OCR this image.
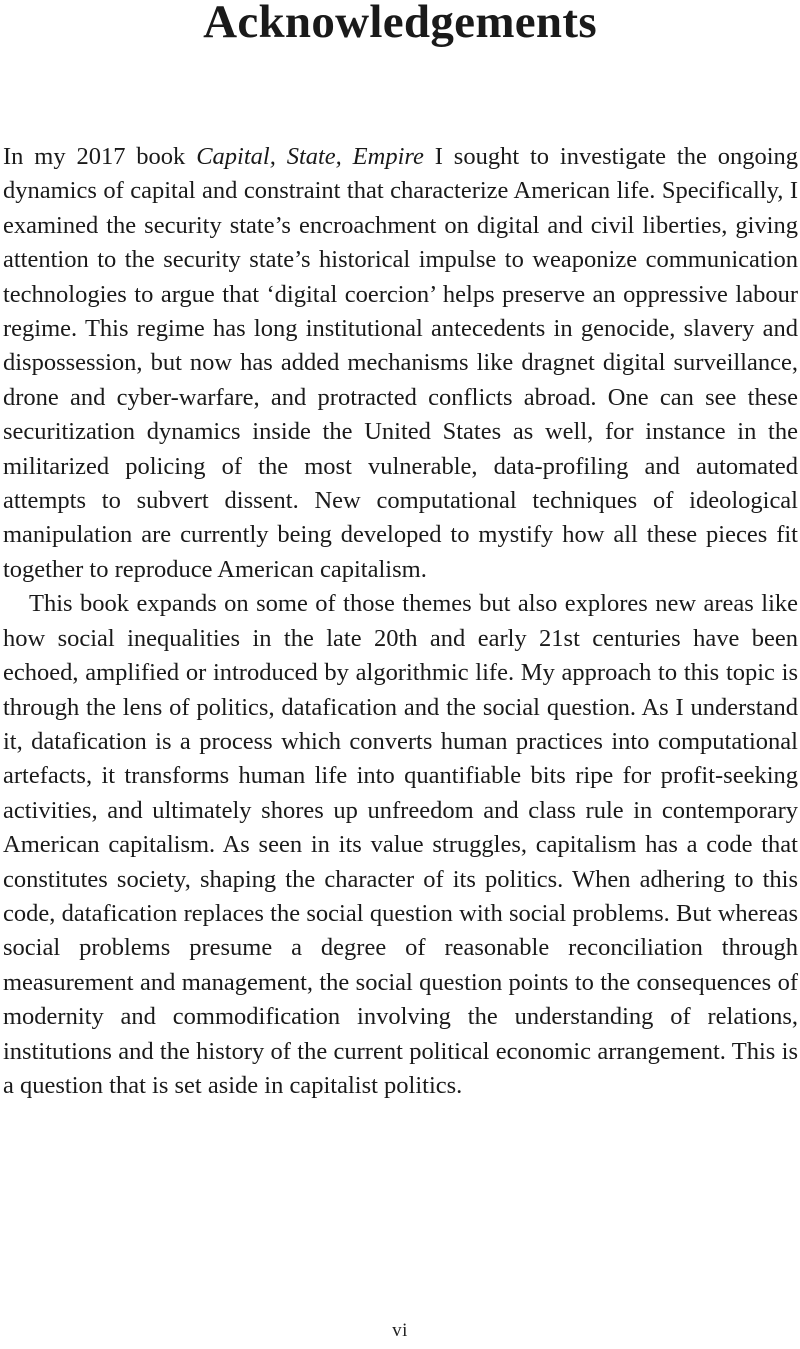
Acknowledgements

In my 2017 book Capital, State, Empire I sought to investigate the ongoing dynamics of capital and constraint that characterize American life. Specifically, I examined the security state’s encroachment on digital and civil liberties, giving attention to the security state’s historical impulse to weaponize communication technologies to argue that ‘digital coercion’ helps preserve an oppressive labour regime. This regime has long institutional antecedents in genocide, slavery and dispossession, but now has added mechanisms like dragnet digital surveillance, drone and cyber-warfare, and protracted conflicts abroad. One can see these securitization dynamics inside the United States as well, for instance in the militarized policing of the most vulnerable, data-profiling and automated attempts to subvert dissent. New computational techniques of ideological manipulation are currently being developed to mystify how all these pieces fit together to reproduce American capitalism.

This book expands on some of those themes but also explores new areas like how social inequalities in the late 20th and early 21st centuries have been echoed, amplified or introduced by algorithmic life. My approach to this topic is through the lens of politics, datafication and the social question. As I understand it, datafication is a process which converts human practices into computational artefacts, it transforms human life into quantifiable bits ripe for profit-seeking activities, and ultimately shores up unfreedom and class rule in contemporary American capitalism. As seen in its value struggles, capitalism has a code that constitutes society, shaping the character of its politics. When adhering to this code, datafication replaces the social question with social problems. But whereas social problems presume a degree of reasonable reconciliation through measurement and management, the social question points to the consequences of modernity and commodification involving the understanding of relations, institutions and the history of the current political economic arrangement. This is a question that is set aside in capitalist politics.

vi
